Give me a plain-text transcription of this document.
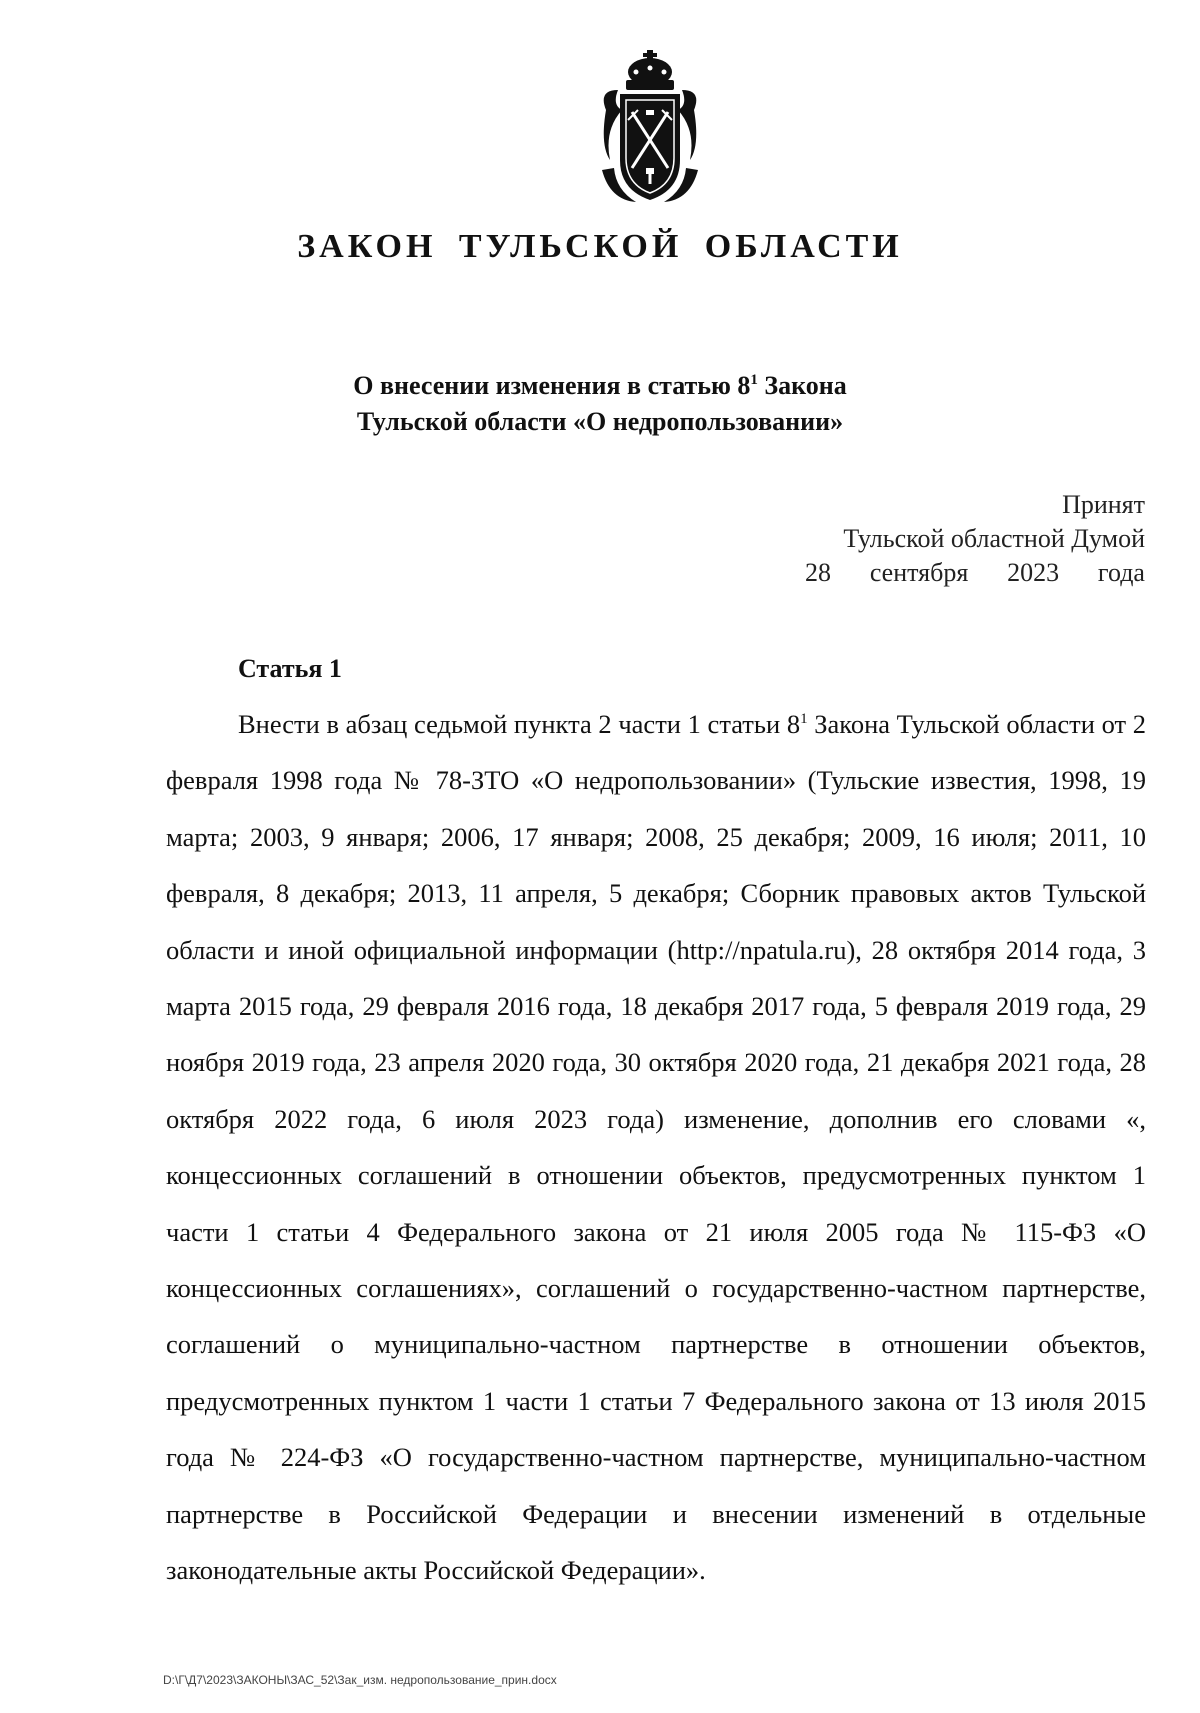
ЗАКОН ТУЛЬСКОЙ ОБЛАСТИ
О внесении изменения в статью $8^1$ Закона
Тульской области «О недропользовании»
Принят
Тульской областной Думой
28 сентября 2023 года
Статья 1
Внести в абзац седьмой пункта 2 части 1 статьи $8^1$ Закона Тульской области от 2 февраля 1998 года № 78-ЗТО «О недропользовании» (Тульские известия, 1998, 19 марта; 2003, 9 января; 2006, 17 января; 2008, 25 декабря; 2009, 16 июля; 2011, 10 февраля, 8 декабря; 2013, 11 апреля, 5 декабря; Сборник правовых актов Тульской области и иной официальной информации (http://npatula.ru), 28 октября 2014 года, 3 марта 2015 года, 29 февраля 2016 года, 18 декабря 2017 года, 5 февраля 2019 года, 29 ноября 2019 года, 23 апреля 2020 года, 30 октября 2020 года, 21 декабря 2021 года, 28 октября 2022 года, 6 июля 2023 года) изменение, дополнив его словами «, концессионных соглашений в отношении объектов, предусмотренных пунктом 1 части 1 статьи 4 Федерального закона от 21 июля 2005 года № 115-ФЗ «О концессионных соглашениях», соглашений о государственно-частном партнерстве, соглашений о муниципально-частном партнерстве в отношении объектов, предусмотренных пунктом 1 части 1 статьи 7 Федерального закона от 13 июля 2015 года № 224-ФЗ «О государственно-частном партнерстве, муниципально-частном партнерстве в Российской Федерации и внесении изменений в отдельные законодательные акты Российской Федерации».
D:\Г\Д7\2023\ЗАКОНЫ\ЗАС_52\Зак_изм. недропользование_прин.docx
